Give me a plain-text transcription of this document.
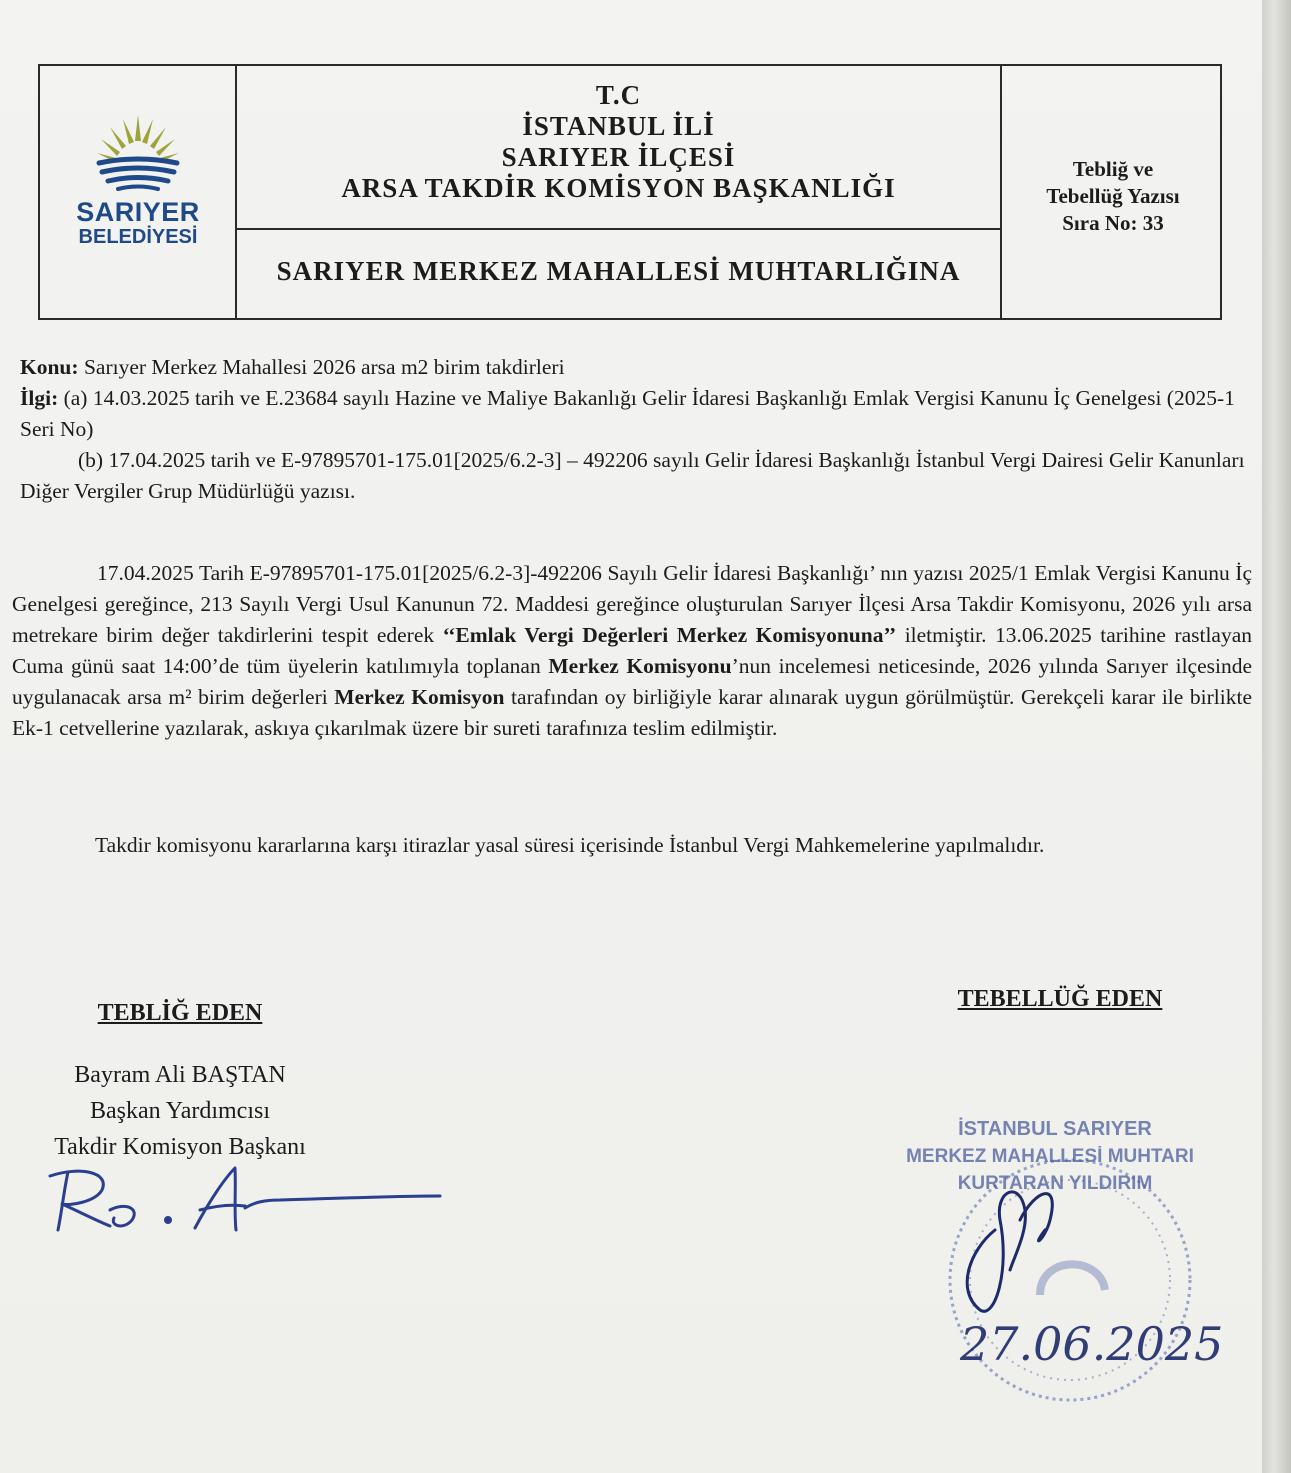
SARIYER
BELEDİYESİ
T.C
İSTANBUL İLİ
SARIYER İLÇESİ
ARSA TAKDİR KOMİSYON BAŞKANLIĞI
SARIYER MERKEZ MAHALLESİ MUHTARLIĞINA
Tebliğ ve
Tebellüğ Yazısı
Sıra No: 33
Konu: Sarıyer Merkez Mahallesi 2026 arsa m2 birim takdirleri
İlgi: (a) 14.03.2025 tarih ve E.23684 sayılı Hazine ve Maliye Bakanlığı Gelir İdaresi Başkanlığı Emlak Vergisi Kanunu İç Genelgesi (2025-1 Seri No)
(b) 17.04.2025 tarih ve E-97895701-175.01[2025/6.2-3] – 492206 sayılı Gelir İdaresi Başkanlığı İstanbul Vergi Dairesi Gelir Kanunları Diğer Vergiler Grup Müdürlüğü yazısı.
17.04.2025 Tarih E-97895701-175.01[2025/6.2-3]-492206 Sayılı Gelir İdaresi Başkanlığı’ nın yazısı 2025/1 Emlak Vergisi Kanunu İç Genelgesi gereğince, 213 Sayılı Vergi Usul Kanunun 72. Maddesi gereğince oluşturulan Sarıyer İlçesi Arsa Takdir Komisyonu, 2026 yılı arsa metrekare birim değer takdirlerini tespit ederek ‘‘Emlak Vergi Değerleri Merkez Komisyonuna’’ iletmiştir. 13.06.2025 tarihine rastlayan Cuma günü saat 14:00’de tüm üyelerin katılımıyla toplanan Merkez Komisyonu’nun incelemesi neticesinde, 2026 yılında Sarıyer ilçesinde uygulanacak arsa m² birim değerleri Merkez Komisyon tarafından oy birliğiyle karar alınarak uygun görülmüştür. Gerekçeli karar ile birlikte Ek-1 cetvellerine yazılarak, askıya çıkarılmak üzere bir sureti tarafınıza teslim edilmiştir.
Takdir komisyonu kararlarına karşı itirazlar yasal süresi içerisinde İstanbul Vergi Mahkemelerine yapılmalıdır.
TEBLİĞ EDEN
Bayram Ali BAŞTAN
Başkan Yardımcısı
Takdir Komisyon Başkanı
TEBELLÜĞ EDEN
İSTANBUL SARIYER
MERKEZ MAHALLESİ MUHTARI
KURTARAN YILDIRIM
27.06.2025
